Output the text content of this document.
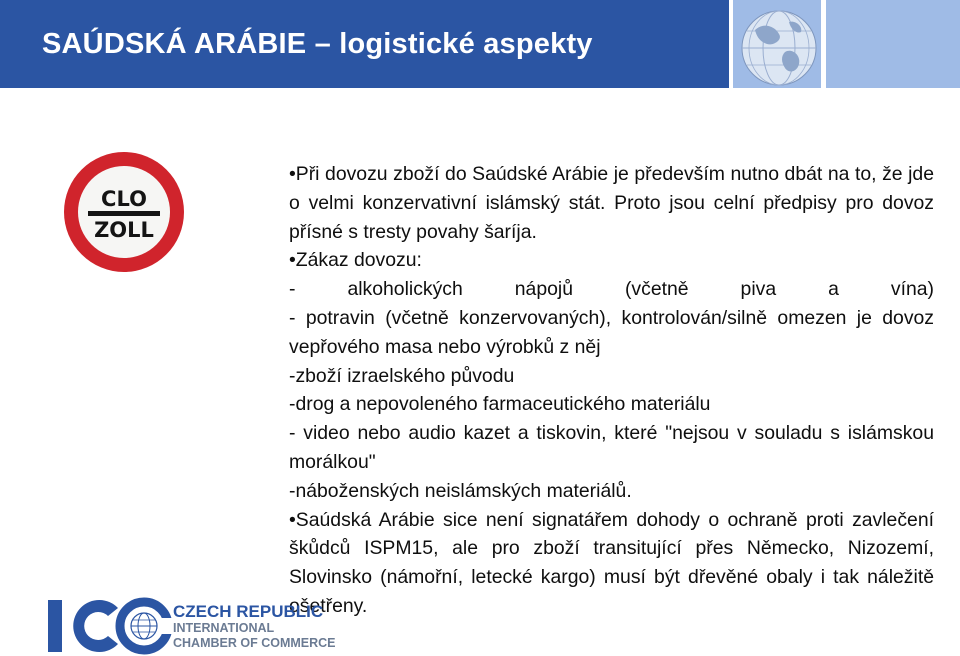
SAÚDSKÁ ARÁBIE – logistické aspekty
CLO
ZOLL

•Při dovozu zboží do Saúdské Arábie je především nutno dbát na to, že jde o velmi konzervativní islámský stát. Proto jsou celní předpisy pro dovoz přísné s tresty povahy šaríja.

•Zákaz dovozu:

- alkoholických nápojů (včetně piva a vína)

- potravin (včetně konzervovaných), kontrolován/silně omezen je dovoz vepřového masa nebo výrobků z něj

-zboží izraelského původu

-drog a nepovoleného farmaceutického materiálu

- video nebo audio kazet a tiskovin, které "nejsou v souladu s islámskou morálkou"

-náboženských neislámských materiálů.

•Saúdská Arábie sice není signatářem dohody o ochraně proti zavlečení škůdců ISPM15, ale pro zboží transitující přes Německo, Nizozemí, Slovinsko (námořní, letecké kargo) musí být dřevěné obaly i tak náležitě ošetřeny.

CZECH REPUBLIC
INTERNATIONAL
CHAMBER OF COMMERCE
